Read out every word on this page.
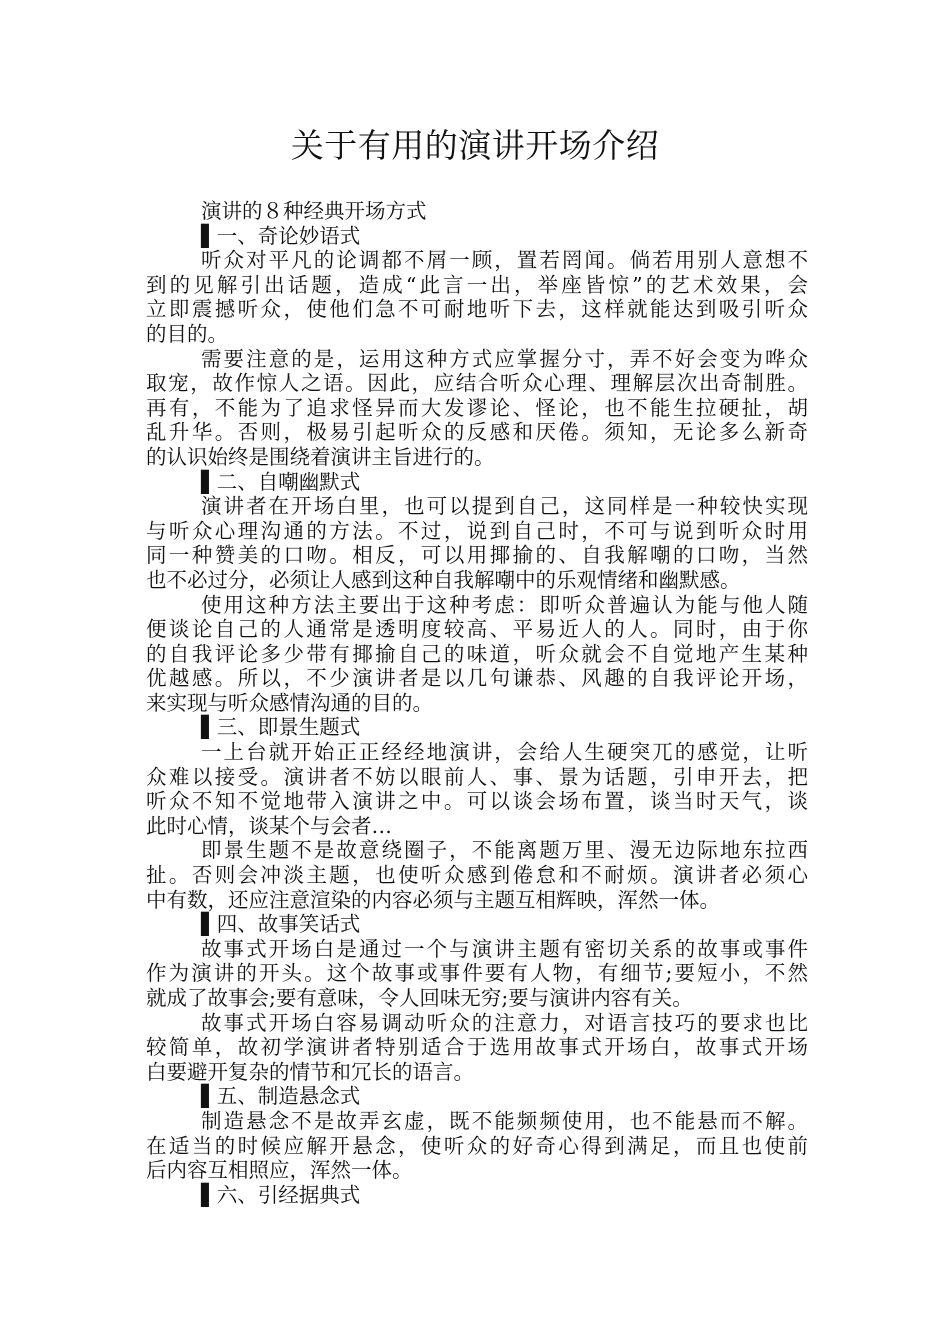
关于有用的演讲开场介绍
演讲的８种经典开场方式
▌一、奇论妙语式
听众对平凡的论调都不屑一顾，置若罔闻。倘若用别人意想不
到的见解引出话题，造成“此言一出，举座皆惊”的艺术效果，会
立即震撼听众，使他们急不可耐地听下去，这样就能达到吸引听众
的目的。
需要注意的是，运用这种方式应掌握分寸，弄不好会变为哗众
取宠，故作惊人之语。因此，应结合听众心理、理解层次出奇制胜。
再有，不能为了追求怪异而大发谬论、怪论，也不能生拉硬扯，胡
乱升华。否则，极易引起听众的反感和厌倦。须知，无论多么新奇
的认识始终是围绕着演讲主旨进行的。
▌二、自嘲幽默式
演讲者在开场白里，也可以提到自己，这同样是一种较快实现
与听众心理沟通的方法。不过，说到自己时，不可与说到听众时用
同一种赞美的口吻。相反，可以用揶揄的、自我解嘲的口吻，当然
也不必过分，必须让人感到这种自我解嘲中的乐观情绪和幽默感。
使用这种方法主要出于这种考虑：即听众普遍认为能与他人随
便谈论自己的人通常是透明度较高、平易近人的人。同时，由于你
的自我评论多少带有揶揄自己的味道，听众就会不自觉地产生某种
优越感。所以，不少演讲者是以几句谦恭、风趣的自我评论开场，
来实现与听众感情沟通的目的。
▌三、即景生题式
一上台就开始正正经经地演讲，会给人生硬突兀的感觉，让听
众难以接受。演讲者不妨以眼前人、事、景为话题，引申开去，把
听众不知不觉地带入演讲之中。可以谈会场布置，谈当时天气，谈
此时心情，谈某个与会者…
即景生题不是故意绕圈子，不能离题万里、漫无边际地东拉西
扯。否则会冲淡主题，也使听众感到倦怠和不耐烦。演讲者必须心
中有数，还应注意渲染的内容必须与主题互相辉映，浑然一体。
▌四、故事笑话式
故事式开场白是通过一个与演讲主题有密切关系的故事或事件
作为演讲的开头。这个故事或事件要有人物，有细节;要短小，不然
就成了故事会;要有意味，令人回味无穷;要与演讲内容有关。
故事式开场白容易调动听众的注意力，对语言技巧的要求也比
较简单，故初学演讲者特别适合于选用故事式开场白，故事式开场
白要避开复杂的情节和冗长的语言。
▌五、制造悬念式
制造悬念不是故弄玄虚，既不能频频使用，也不能悬而不解。
在适当的时候应解开悬念，使听众的好奇心得到满足，而且也使前
后内容互相照应，浑然一体。
▌六、引经据典式
